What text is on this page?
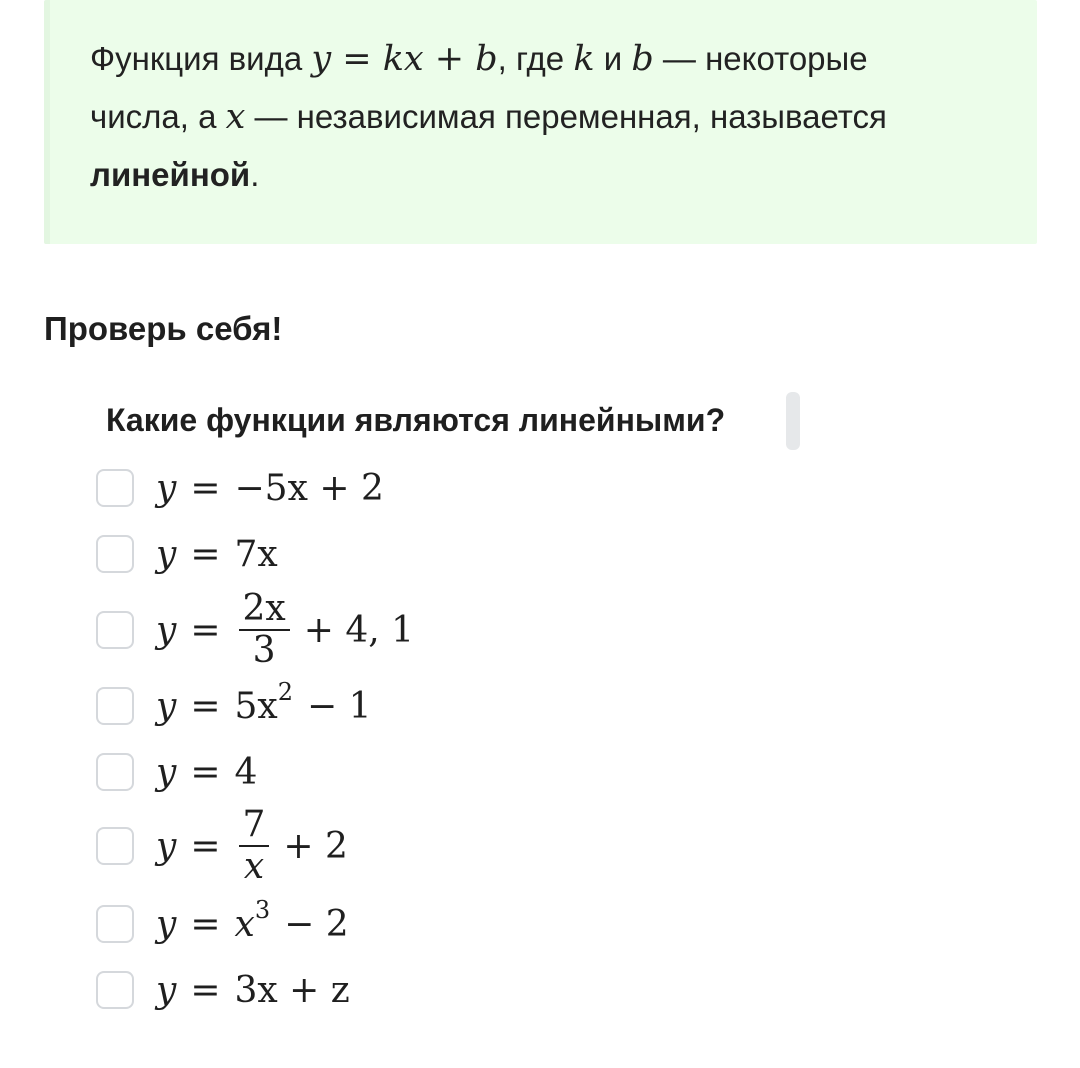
Функция вида y = kx + b, где k и b — некоторые
числа, а x — независимая переменная, называется
линейной.
Проверь себя!
Какие функции являются линейными?
y = −5x + 2
y = 7x
$y = \frac{2x}{3} + 4$, 1
$y = 5x^2 - 1$
y = 4
$y = \frac{7}{x} + 2$
$y = x^3 - 2$
y = 3x + z
